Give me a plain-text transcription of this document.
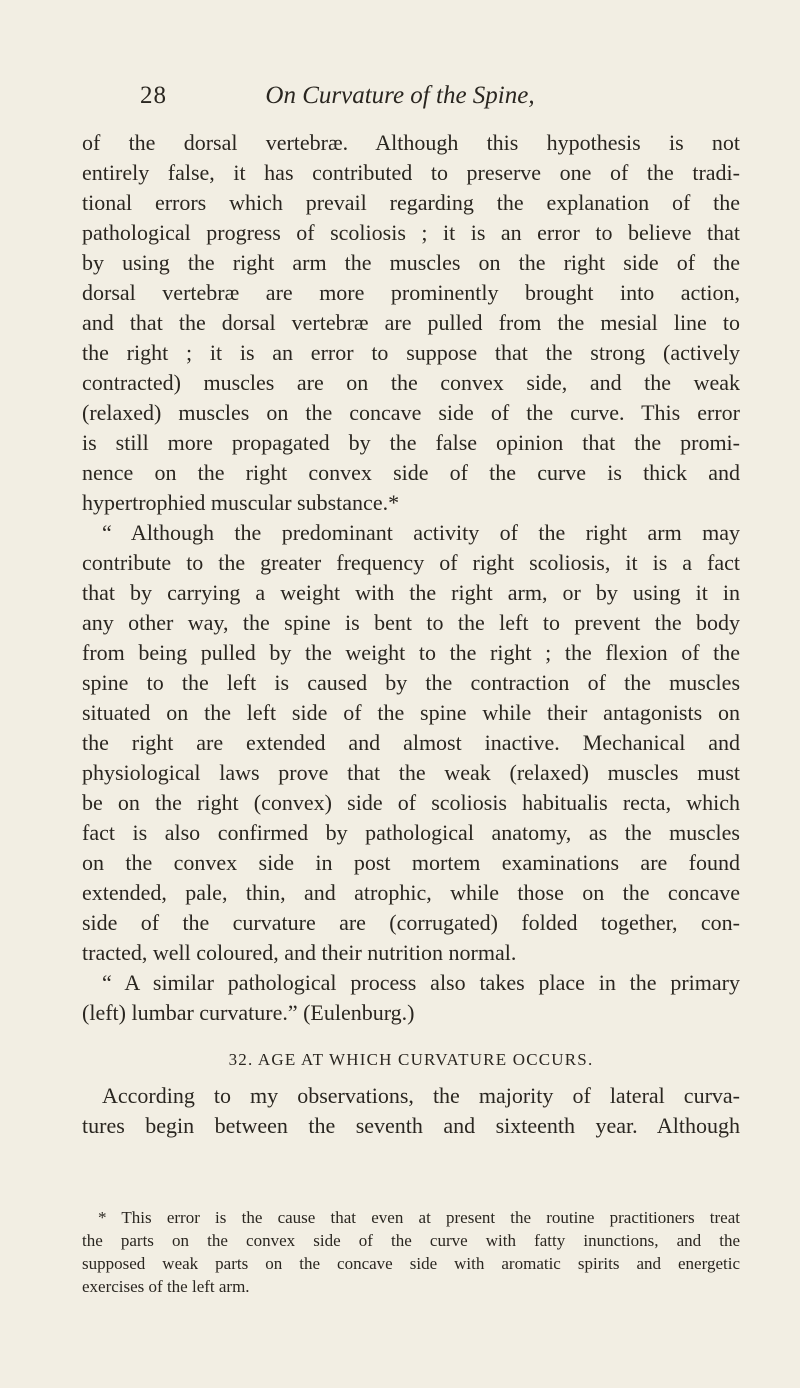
28	On Curvature of the Spine,
of the dorsal vertebræ. Although this hypothesis is not
entirely false, it has contributed to preserve one of the tradi-
tional errors which prevail regarding the explanation of the
pathological progress of scoliosis ; it is an error to believe that
by using the right arm the muscles on the right side of the
dorsal vertebræ are more prominently brought into action,
and that the dorsal vertebræ are pulled from the mesial line to
the right ; it is an error to suppose that the strong (actively
contracted) muscles are on the convex side, and the weak
(relaxed) muscles on the concave side of the curve. This error
is still more propagated by the false opinion that the promi-
nence on the right convex side of the curve is thick and
hypertrophied muscular substance.*
“ Although the predominant activity of the right arm may
contribute to the greater frequency of right scoliosis, it is a fact
that by carrying a weight with the right arm, or by using it in
any other way, the spine is bent to the left to prevent the body
from being pulled by the weight to the right ; the flexion of the
spine to the left is caused by the contraction of the muscles
situated on the left side of the spine while their antagonists on
the right are extended and almost inactive. Mechanical and
physiological laws prove that the weak (relaxed) muscles must
be on the right (convex) side of scoliosis habitualis recta, which
fact is also confirmed by pathological anatomy, as the muscles
on the convex side in post mortem examinations are found
extended, pale, thin, and atrophic, while those on the concave
side of the curvature are (corrugated) folded together, con-
tracted, well coloured, and their nutrition normal.
“ A similar pathological process also takes place in the primary
(left) lumbar curvature.” (Eulenburg.)
32. AGE AT WHICH CURVATURE OCCURS.
According to my observations, the majority of lateral curva-
tures begin between the seventh and sixteenth year. Although
* This error is the cause that even at present the routine practitioners treat
the parts on the convex side of the curve with fatty inunctions, and the
supposed weak parts on the concave side with aromatic spirits and energetic
exercises of the left arm.
